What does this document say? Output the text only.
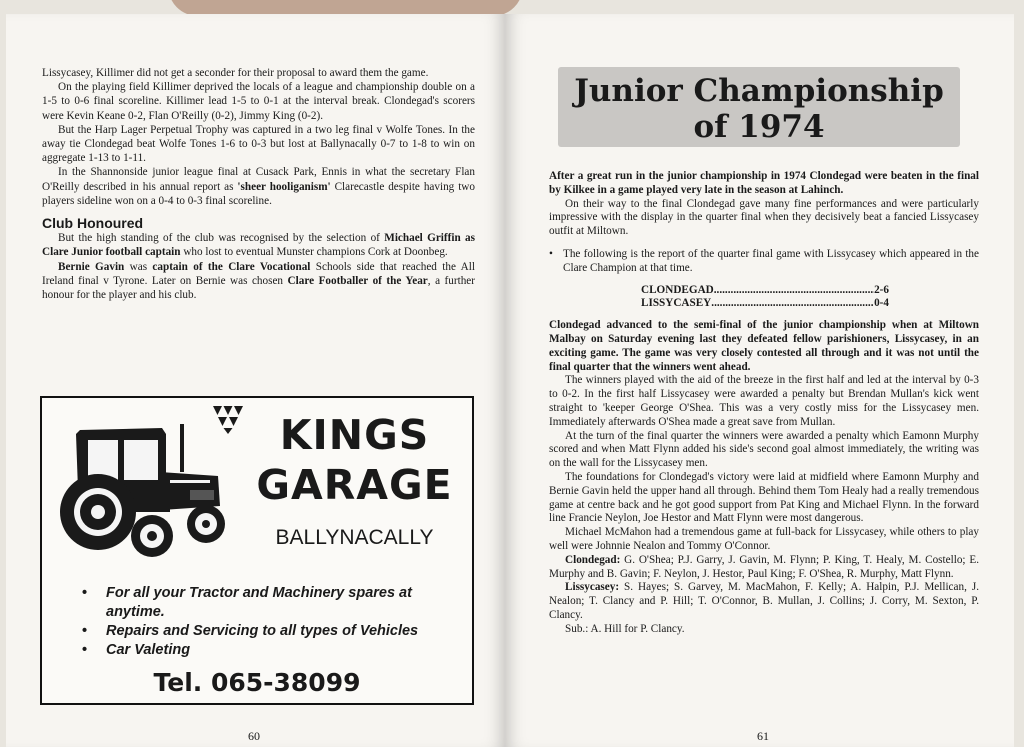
Lissycasey, Killimer did not get a seconder for their proposal to award them the game.

On the playing field Killimer deprived the locals of a league and championship double on a 1-5 to 0-6 final scoreline. Killimer lead 1-5 to 0-1 at the interval break. Clondegad's scorers were Kevin Keane 0-2, Flan O'Reilly (0-2), Jimmy King (0-2).

But the Harp Lager Perpetual Trophy was captured in a two leg final v Wolfe Tones. In the away tie Clondegad beat Wolfe Tones 1-6 to 0-3 but lost at Ballynacally 0-7 to 1-8 to win on aggregate 1-13 to 1-11.

In the Shannonside junior league final at Cusack Park, Ennis in what the secretary Flan O'Reilly described in his annual report as 'sheer hooliganism' Clarecastle despite having two players sideline won on a 0-4 to 0-3 final scoreline.

Club Honoured

But the high standing of the club was recognised by the selection of Michael Griffin as Clare Junior football captain who lost to eventual Munster champions Cork at Doonbeg.

Bernie Gavin was captain of the Clare Vocational Schools side that reached the All Ireland final v Tyrone. Later on Bernie was chosen Clare Footballer of the Year, a further honour for the player and his club.

KINGS
GARAGE
BALLYNACALLY
• For all your Tractor and Machinery spares at anytime.
• Repairs and Servicing to all types of Vehicles
• Car Valeting
Tel. 065-38099
60
Junior Championship
of 1974

After a great run in the junior championship in 1974 Clondegad were beaten in the final by Kilkee in a game played very late in the season at Lahinch.

On their way to the final Clondegad gave many fine performances and were particularly impressive with the display in the quarter final when they decisively beat a fancied Lissycasey outfit at Miltown.

• The following is the report of the quarter final game with Lissycasey which appeared in the Clare Champion at that time.

CLONDEGAD .....	2-6
LISSYCASEY .....	0-4

Clondegad advanced to the semi-final of the junior championship when at Miltown Malbay on Saturday evening last they defeated fellow parishioners, Lissycasey, in an exciting game. The game was very closely contested all through and it was not until the final quarter that the winners went ahead.

The winners played with the aid of the breeze in the first half and led at the interval by 0-3 to 0-2. In the first half Lissycasey were awarded a penalty but Brendan Mullan's kick went straight to 'keeper George O'Shea. This was a very costly miss for the Lissycasey men. Immediately afterwards O'Shea made a great save from Mullan.

At the turn of the final quarter the winners were awarded a penalty which Eamonn Murphy scored and when Matt Flynn added his side's second goal almost immediately, the writing was on the wall for the Lissycasey men.

The foundations for Clondegad's victory were laid at midfield where Eamonn Murphy and Bernie Gavin held the upper hand all through. Behind them Tom Healy had a really tremendous game at centre back and he got good support from Pat King and Michael Flynn. In the forward line Francie Neylon, Joe Hestor and Matt Flynn were most dangerous.

Michael McMahon had a tremendous game at full-back for Lissycasey, while others to play well were Johnnie Nealon and Tommy O'Connor.

Clondegad: G. O'Shea; P.J. Garry, J. Gavin, M. Flynn; P. King, T. Healy, M. Costello; E. Murphy and B. Gavin; F. Neylon, J. Hestor, Paul King; F. O'Shea, R. Murphy, Matt Flynn.

Lissycasey: S. Hayes; S. Garvey, M. MacMahon, F. Kelly; A. Halpin, P.J. Mellican, J. Nealon; T. Clancy and P. Hill; T. O'Connor, B. Mullan, J. Collins; J. Corry, M. Sexton, P. Clancy.

Sub.: A. Hill for P. Clancy.

61
